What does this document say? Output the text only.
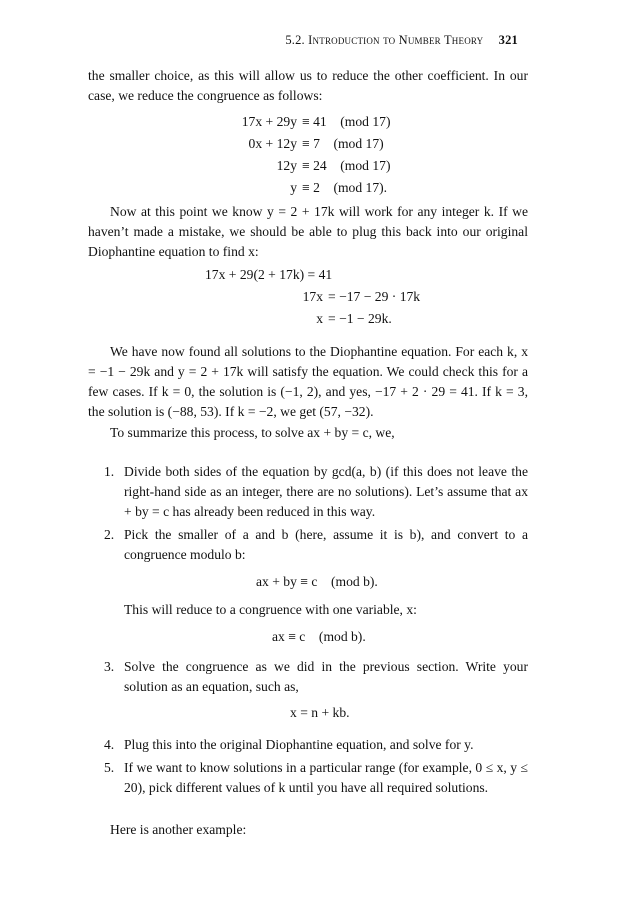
5.2. Introduction to Number Theory 321
the smaller choice, as this will allow us to reduce the other coefficient. In our case, we reduce the congruence as follows:
17x + 29y ≡ 41    (mod 17)
0x + 12y ≡ 7    (mod 17)
12y ≡ 24    (mod 17)
y ≡ 2    (mod 17).
Now at this point we know y = 2 + 17k will work for any integer k. If we haven’t made a mistake, we should be able to plug this back into our original Diophantine equation to find x:
17x + 29(2 + 17k) = 41
17x = −17 − 29 · 17k
x = −1 − 29k.
We have now found all solutions to the Diophantine equation. For each k, x = −1 − 29k and y = 2 + 17k will satisfy the equation. We could check this for a few cases. If k = 0, the solution is (−1, 2), and yes, −17 + 2 · 29 = 41. If k = 3, the solution is (−88, 53). If k = −2, we get (57, −32).
To summarize this process, to solve ax + by = c, we,
1. Divide both sides of the equation by gcd(a, b) (if this does not leave the right-hand side as an integer, there are no solutions). Let’s assume that ax + by = c has already been reduced in this way.
2. Pick the smaller of a and b (here, assume it is b), and convert to a congruence modulo b:
ax + by ≡ c    (mod b).
This will reduce to a congruence with one variable, x:
ax ≡ c    (mod b).
3. Solve the congruence as we did in the previous section. Write your solution as an equation, such as,
x = n + kb.
4. Plug this into the original Diophantine equation, and solve for y.
5. If we want to know solutions in a particular range (for example, 0 ≤ x, y ≤ 20), pick different values of k until you have all required solutions.
Here is another example:
